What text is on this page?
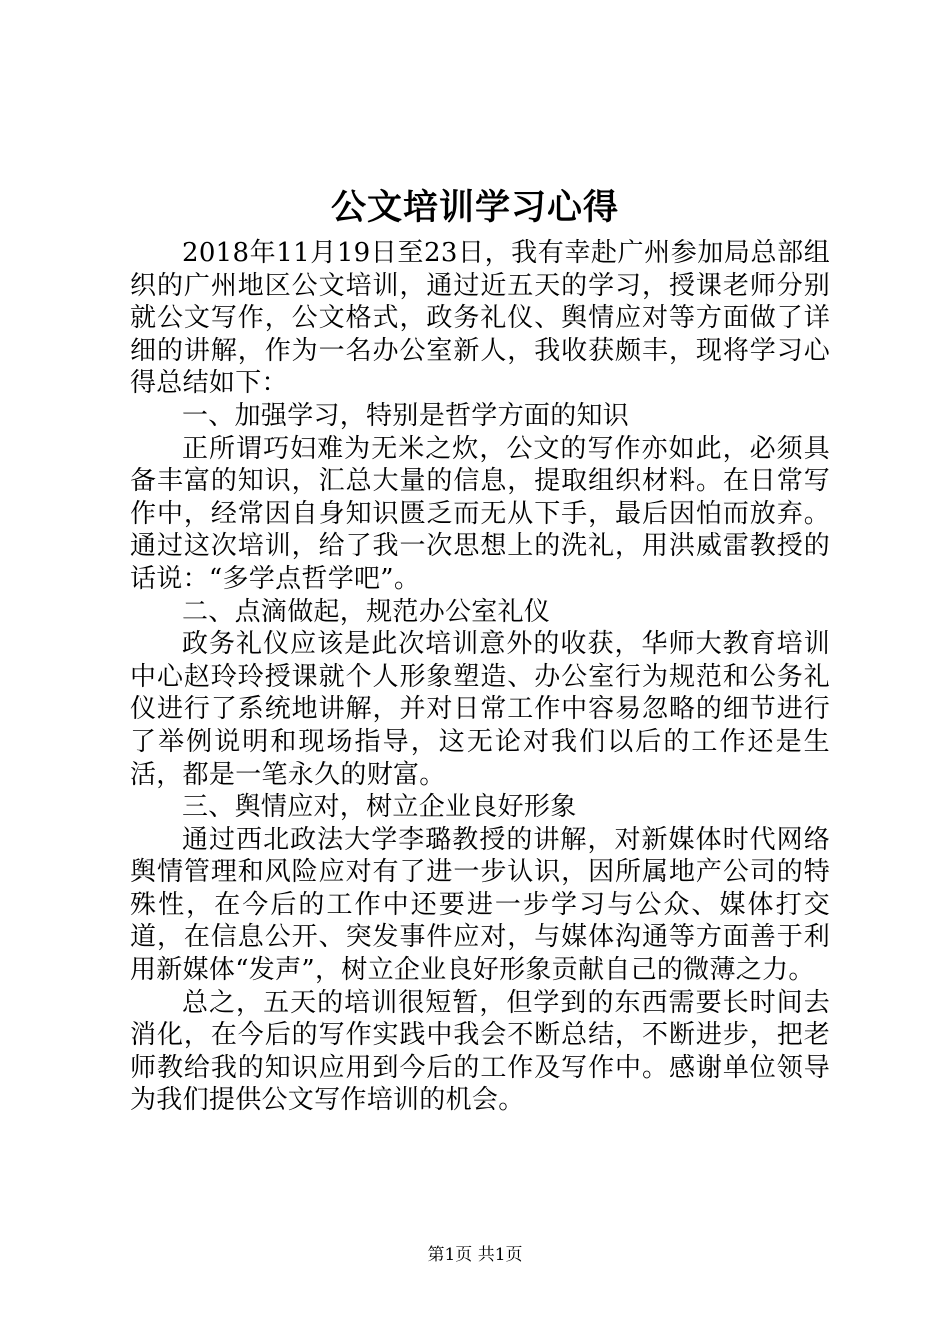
公文培训学习心得

2018年11月19日至23日，我有幸赴广州参加局总部组织的广州地区公文培训，通过近五天的学习，授课老师分别就公文写作，公文格式，政务礼仪、舆情应对等方面做了详细的讲解，作为一名办公室新人，我收获颇丰，现将学习心得总结如下：

一、加强学习，特别是哲学方面的知识

正所谓巧妇难为无米之炊，公文的写作亦如此，必须具备丰富的知识，汇总大量的信息，提取组织材料。在日常写作中，经常因自身知识匮乏而无从下手，最后因怕而放弃。通过这次培训，给了我一次思想上的洗礼，用洪威雷教授的话说：“多学点哲学吧”。

二、点滴做起，规范办公室礼仪

政务礼仪应该是此次培训意外的收获，华师大教育培训中心赵玲玲授课就个人形象塑造、办公室行为规范和公务礼仪进行了系统地讲解，并对日常工作中容易忽略的细节进行了举例说明和现场指导，这无论对我们以后的工作还是生活，都是一笔永久的财富。

三、舆情应对，树立企业良好形象

通过西北政法大学李璐教授的讲解，对新媒体时代网络舆情管理和风险应对有了进一步认识，因所属地产公司的特殊性，在今后的工作中还要进一步学习与公众、媒体打交道，在信息公开、突发事件应对，与媒体沟通等方面善于利用新媒体“发声”，树立企业良好形象贡献自己的微薄之力。

总之，五天的培训很短暂，但学到的东西需要长时间去消化，在今后的写作实践中我会不断总结，不断进步，把老师教给我的知识应用到今后的工作及写作中。感谢单位领导为我们提供公文写作培训的机会。

第1页 共1页
